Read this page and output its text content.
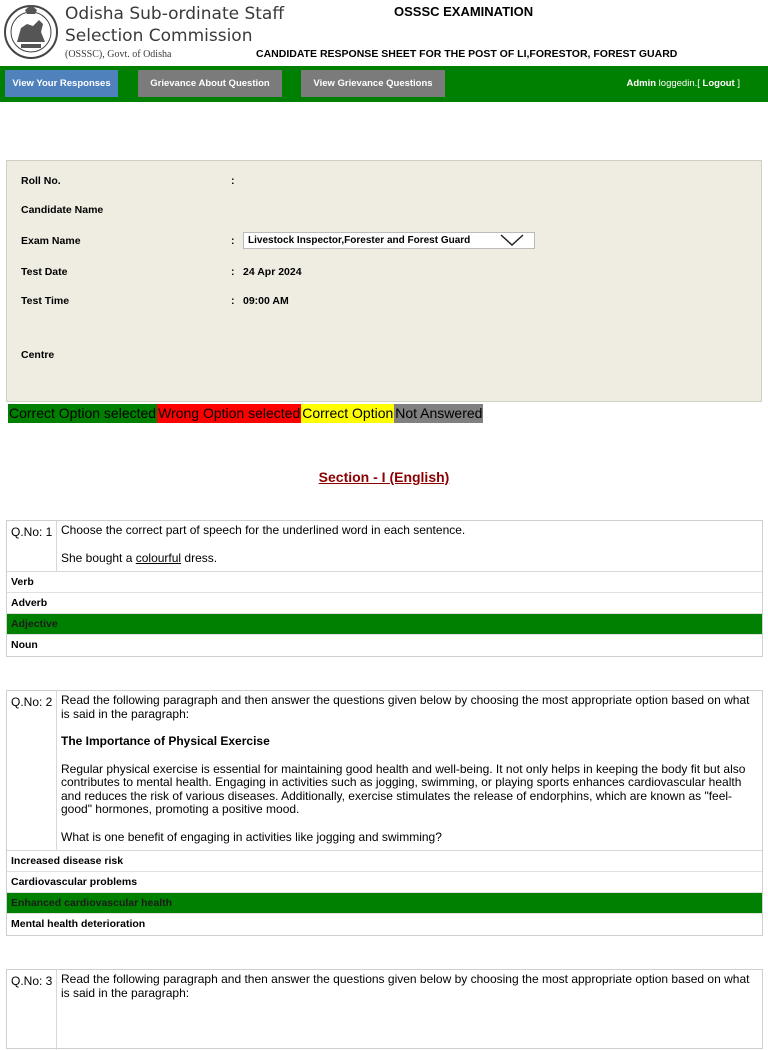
Odisha Sub-ordinate Staff
Selection Commission
(OSSSC), Govt. of Odisha
OSSSC EXAMINATION
CANDIDATE RESPONSE SHEET FOR THE POST OF LI,FORESTOR, FOREST GUARD
View Your Responses	Grievance About Question	View Grievance Questions	Admin loggedin.[ Logout ]
Roll No.	:
Candidate Name
Exam Name	:	Livestock Inspector,Forester and Forest Guard
Test Date	: 24 Apr 2024
Test Time	: 09:00 AM
Centre
Correct Option selected Wrong Option selected Correct Option Not Answered
Section - I (English)
Q.No: 1 Choose the correct part of speech for the underlined word in each sentence.

She bought a colourful dress.

Verb
Adverb
Adjective
Noun
Q.No: 2 Read the following paragraph and then answer the questions given below by choosing the most appropriate option based on what is said in the paragraph:

The Importance of Physical Exercise

Regular physical exercise is essential for maintaining good health and well-being. It not only helps in keeping the body fit but also contributes to mental health. Engaging in activities such as jogging, swimming, or playing sports enhances cardiovascular health and reduces the risk of various diseases. Additionally, exercise stimulates the release of endorphins, which are known as "feel-good" hormones, promoting a positive mood.

What is one benefit of engaging in activities like jogging and swimming?

Increased disease risk
Cardiovascular problems
Enhanced cardiovascular health
Mental health deterioration
Q.No: 3 Read the following paragraph and then answer the questions given below by choosing the most appropriate option based on what is said in the paragraph:
